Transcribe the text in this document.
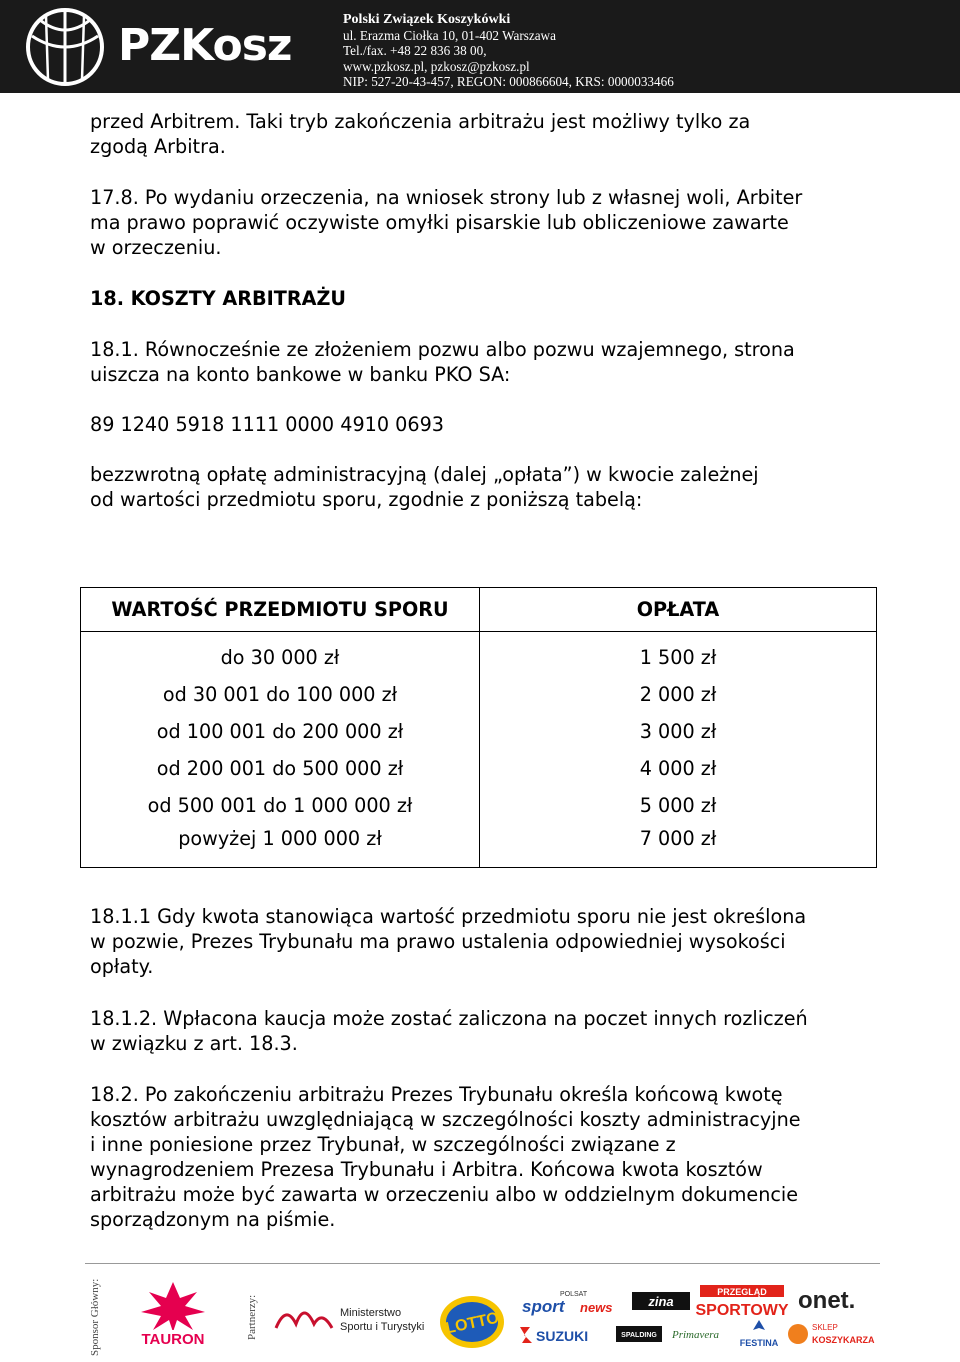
PZKosz
Polski Związek Koszykówki
ul. Erazma Ciołka 10, 01-402 Warszawa
Tel./fax. +48 22 836 38 00,
www.pzkosz.pl, pzkosz@pzkosz.pl
NIP: 527-20-43-457, REGON: 000866604, KRS: 0000033466
przed Arbitrem. Taki tryb zakończenia arbitrażu jest możliwy tylko za
zgodą Arbitra.
17.8. Po wydaniu orzeczenia, na wniosek strony lub z własnej woli, Arbiter
ma prawo poprawić oczywiste omyłki pisarskie lub obliczeniowe zawarte
w orzeczeniu.
18. KOSZTY ARBITRAŻU
18.1. Równocześnie ze złożeniem pozwu albo pozwu wzajemnego, strona
uiszcza na konto bankowe w banku PKO SA:
89 1240 5918 1111 0000 4910 0693
bezzwrotną opłatę administracyjną (dalej „opłata”) w kwocie zależnej
od wartości przedmiotu sporu, zgodnie z poniższą tabelą:
18.1.1 Gdy kwota stanowiąca wartość przedmiotu sporu nie jest określona
w pozwie, Prezes Trybunału ma prawo ustalenia odpowiedniej wysokości
opłaty.
18.1.2. Wpłacona kaucja może zostać zaliczona na poczet innych rozliczeń
w związku z art. 18.3.
18.2. Po zakończeniu arbitrażu Prezes Trybunału określa końcową kwotę
kosztów arbitrażu uwzględniającą w szczególności koszty administracyjne
i inne poniesione przez Trybunał, w szczególności związane z
wynagrodzeniem Prezesa Trybunału i Arbitra. Końcowa kwota kosztów
arbitrażu może być zawarta w orzeczeniu albo w oddzielnym dokumencie
sporządzonym na piśmie.
WARTOŚĆ PRZEDMIOTU SPORU	OPŁATA
do 30 000 zł	1 500 zł
od 30 001 do 100 000 zł	2 000 zł
od 100 001 do 200 000 zł	3 000 zł
od 200 001 do 500 000 zł	4 000 zł
od 500 001 do 1 000 000 zł	5 000 zł
powyżej 1 000 000 zł	7 000 zł
Sponsor Główny:	TAURON	Partnerzy:	Ministerstwo
Sportu i Turystyki LOTTO
POLSAT
sport news	zina
PRZEGLĄD
SPORTOWY onet.
SUZUKI	SPALDING Primavera
FESTINA
SKLEP
KOSZYKARZA
